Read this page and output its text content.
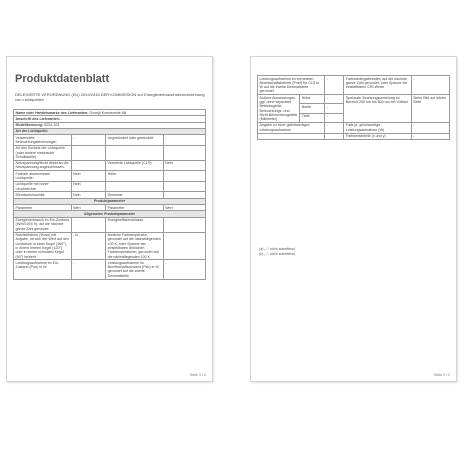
Produktdatenblatt
DELEGIERTE VERORDNUNG (EU) 2019/2015 DER KOMMISSION zur Energieverbrauchskennzeichnung von Lichtquellen
Name oder Handelsmarke des Lieferanten: Gnosjö Konstsmide AB			
Anschrift des Lieferanten: -			
Modellkennung: 6234-103			
Art der Lichtquelle:			
Verwendete Beleuchtungstechnologie:	-	Ungebündelt oder gebündelt:	-
Art des Sockels der Lichtquelle (oder andere elektrische Schnittstelle)	-		
Netzspannung/Nicht direkt an die Netzspannung angeschlossen:	-	Vernetzte Lichtquelle (CLS):	Nein
Farblich abstimmbare Lichtquelle:	Nein	Hülle:	-
Lichtquelle mit hoher Leuchtdichte:	Nein		
Blendschutzschild:	Nein	Dimmbar:	-
Produktparameter			
Parameter	Wert	Parameter	Wert
Allgemeine Produktparameter			
Energieverbrauch im Ein-Zustand (kWh/1000 h), auf die nächste ganze Zahl gerundet	-	Energieeffizienzklasse	-
Nutzlichtstrom (Φuse) mit Angabe, ob sich der Wert auf den Lichtstrom in einer Kugel (360°), in einem breiten Kegel (120°) oder in einem schmalen Kegel (90°) bezieht	- in -	ähnliche Farbtemperatur, gerundet auf die nächstliegenden 100 K, oder Spanne der einstellbaren ähnlichen Farbtemperaturen, gerundet auf die nächstliegenden 100 K	-
Leistungsaufnahme im Ein-Zustand (Pon) in W	-	Leistungsaufnahme im Bereitschaftszustand (Psb) in W, gerundet auf die zweite Dezimalstelle	-
Seite 1 / 2
Leistungsaufnahme im vernetzten Bereitschaftsbetrieb (Pnet) für CLS in W auf die zweite Dezimalstelle gerundet		-	Farbwiedergabeindex, auf die nächste ganze Zahl gerundet, oder Spanne der einstellbaren CRI-Werte	-
Äußere Abmessungen, ggf. ohne separates Betriebsgerät, Beleuchtungs- und Nicht-Beleuchtungsteile (Millimeter)	Höhe	-	Spektrale Strahlungsverteilung im Bereich 250 nm bis 800 nm bei Volllast	Siehe Bild auf letzter Seite
	Breite	-		
	Tiefe	-		
Angabe zu einer gleichwertigen Leistungsaufnahme		-	Falls ja, gleichwertige Leistungsaufnahme (W)	-
			Farbwertanteile (x und y)	-
(a) „-“: nicht zutreffend;
(b) „-“: nicht zutreffend;
Seite 2 / 2
